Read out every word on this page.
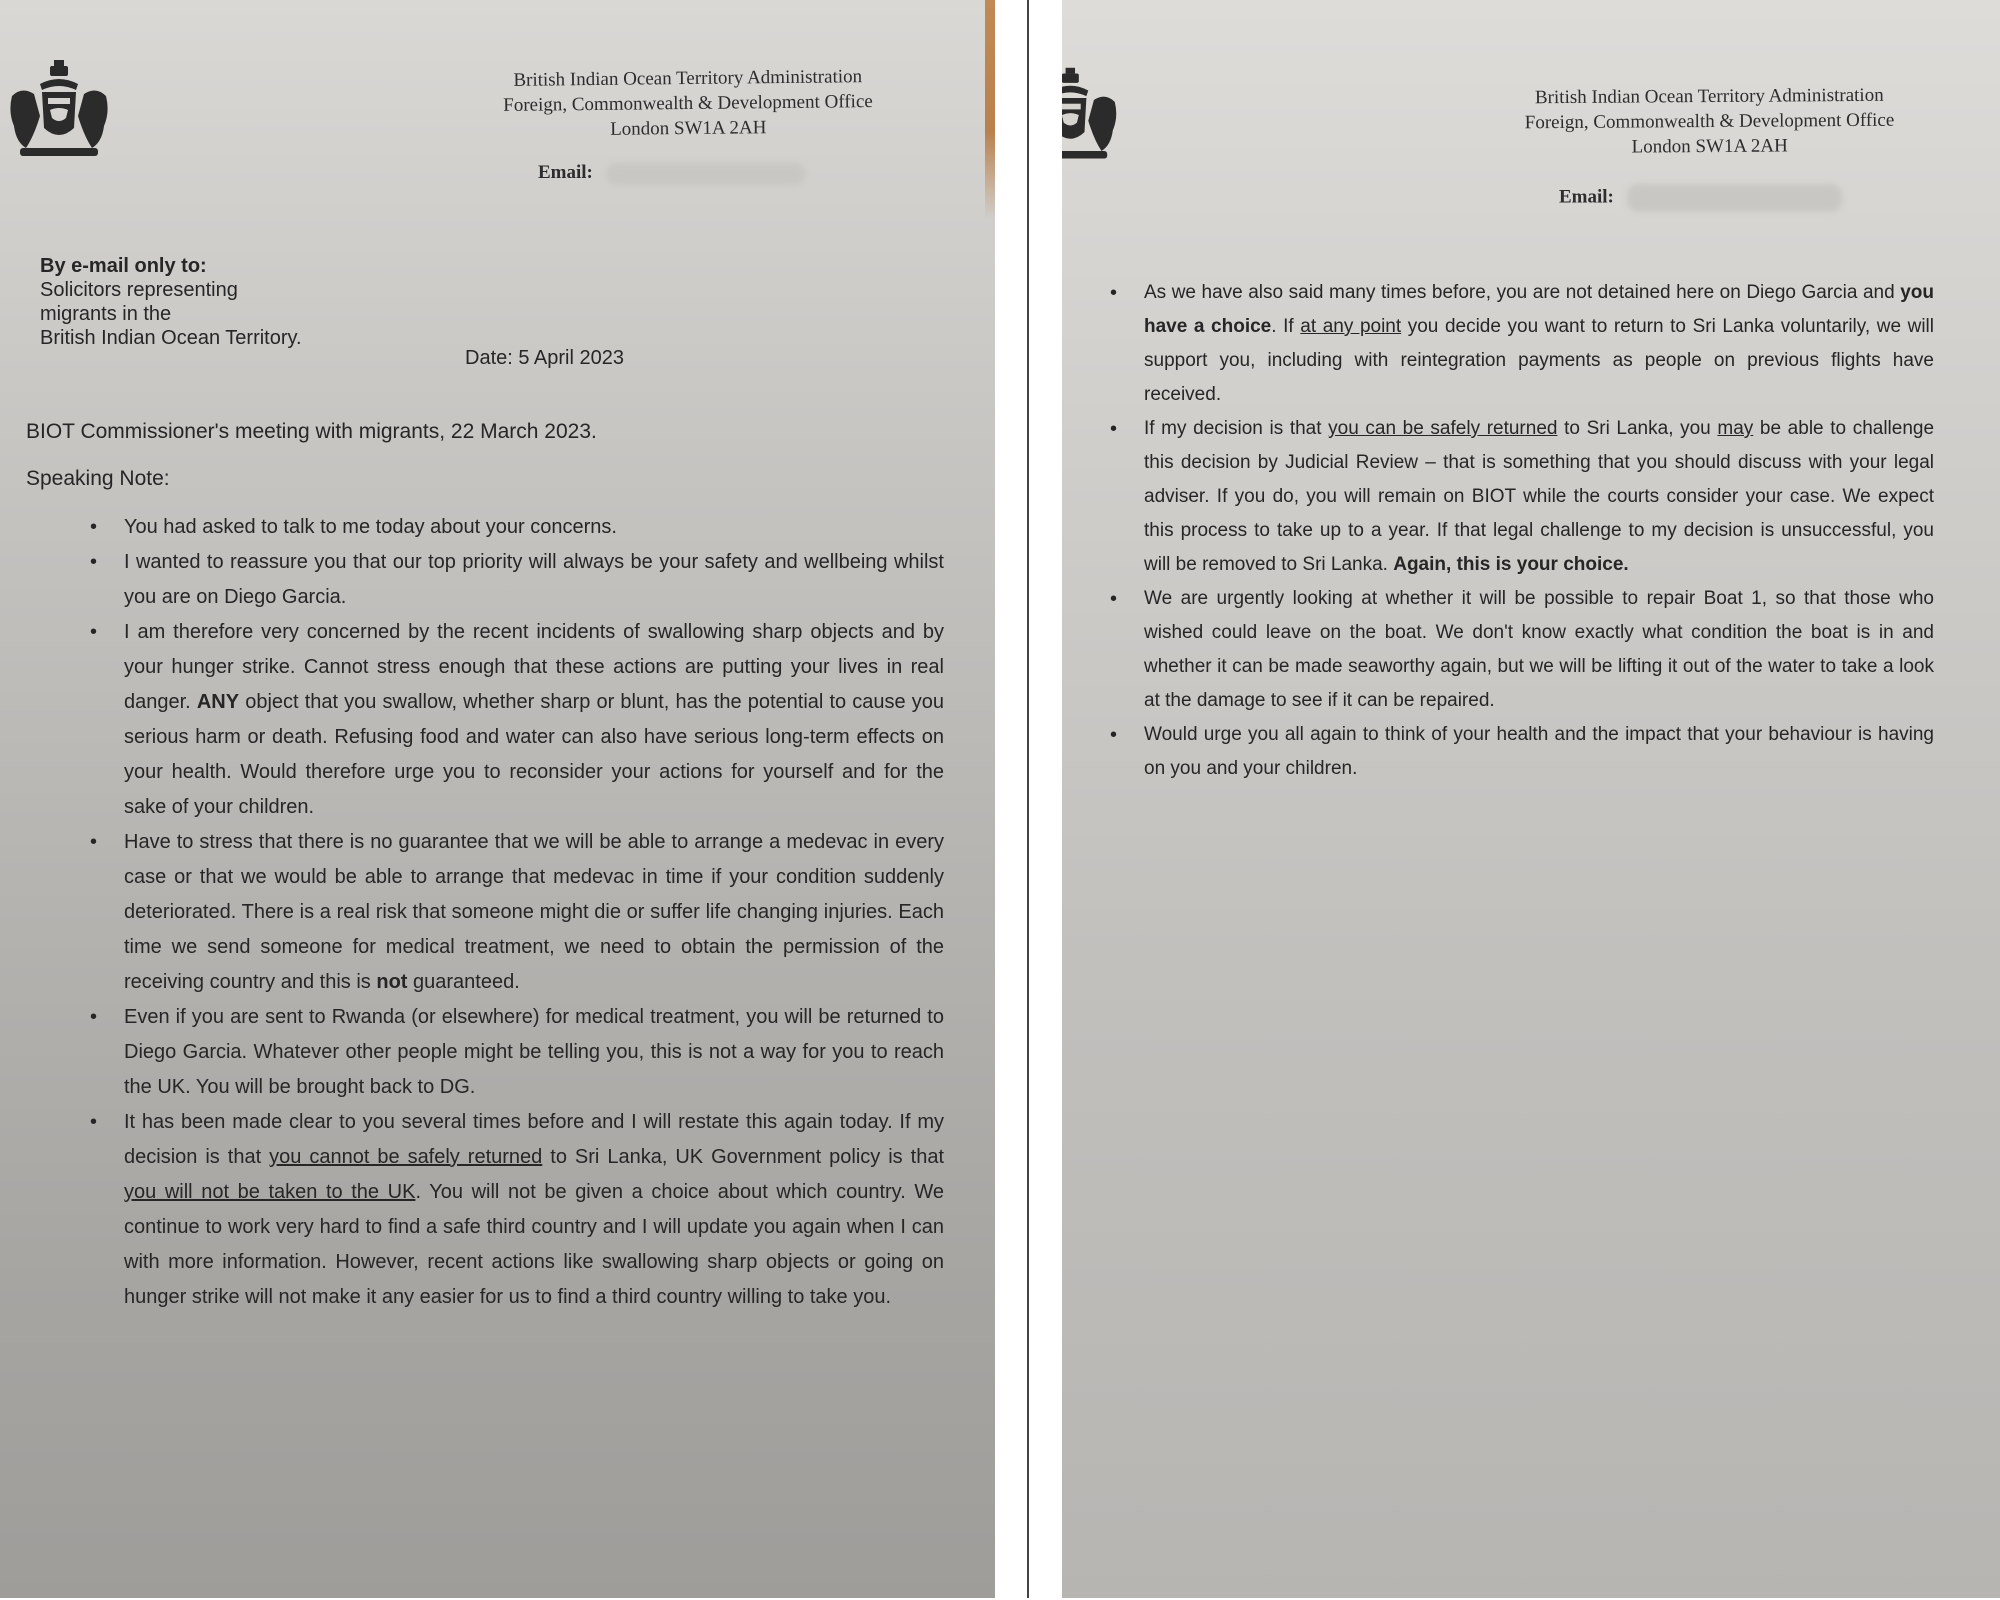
British Indian Ocean Territory Administration
Foreign, Commonwealth & Development Office
London SW1A 2AH
Email:
By e-mail only to:
Solicitors representing
migrants in the
British Indian Ocean Territory.
Date: 5 April 2023
BIOT Commissioner's meeting with migrants, 22 March 2023.
Speaking Note:
• You had asked to talk to me today about your concerns.
• I wanted to reassure you that our top priority will always be your safety and wellbeing whilst you are on Diego Garcia.
• I am therefore very concerned by the recent incidents of swallowing sharp objects and by your hunger strike. Cannot stress enough that these actions are putting your lives in real danger. ANY object that you swallow, whether sharp or blunt, has the potential to cause you serious harm or death. Refusing food and water can also have serious long-term effects on your health. Would therefore urge you to reconsider your actions for yourself and for the sake of your children.
• Have to stress that there is no guarantee that we will be able to arrange a medevac in every case or that we would be able to arrange that medevac in time if your condition suddenly deteriorated. There is a real risk that someone might die or suffer life changing injuries. Each time we send someone for medical treatment, we need to obtain the permission of the receiving country and this is not guaranteed.
• Even if you are sent to Rwanda (or elsewhere) for medical treatment, you will be returned to Diego Garcia. Whatever other people might be telling you, this is not a way for you to reach the UK. You will be brought back to DG.
• It has been made clear to you several times before and I will restate this again today. If my decision is that you cannot be safely returned to Sri Lanka, UK Government policy is that you will not be taken to the UK. You will not be given a choice about which country. We continue to work very hard to find a safe third country and I will update you again when I can with more information. However, recent actions like swallowing sharp objects or going on hunger strike will not make it any easier for us to find a third country willing to take you.
British Indian Ocean Territory Administration
Foreign, Commonwealth & Development Office
London SW1A 2AH
Email:
• As we have also said many times before, you are not detained here on Diego Garcia and you have a choice. If at any point you decide you want to return to Sri Lanka voluntarily, we will support you, including with reintegration payments as people on previous flights have received.
• If my decision is that you can be safely returned to Sri Lanka, you may be able to challenge this decision by Judicial Review – that is something that you should discuss with your legal adviser. If you do, you will remain on BIOT while the courts consider your case. We expect this process to take up to a year. If that legal challenge to my decision is unsuccessful, you will be removed to Sri Lanka. Again, this is your choice.
• We are urgently looking at whether it will be possible to repair Boat 1, so that those who wished could leave on the boat. We don't know exactly what condition the boat is in and whether it can be made seaworthy again, but we will be lifting it out of the water to take a look at the damage to see if it can be repaired.
• Would urge you all again to think of your health and the impact that your behaviour is having on you and your children.
